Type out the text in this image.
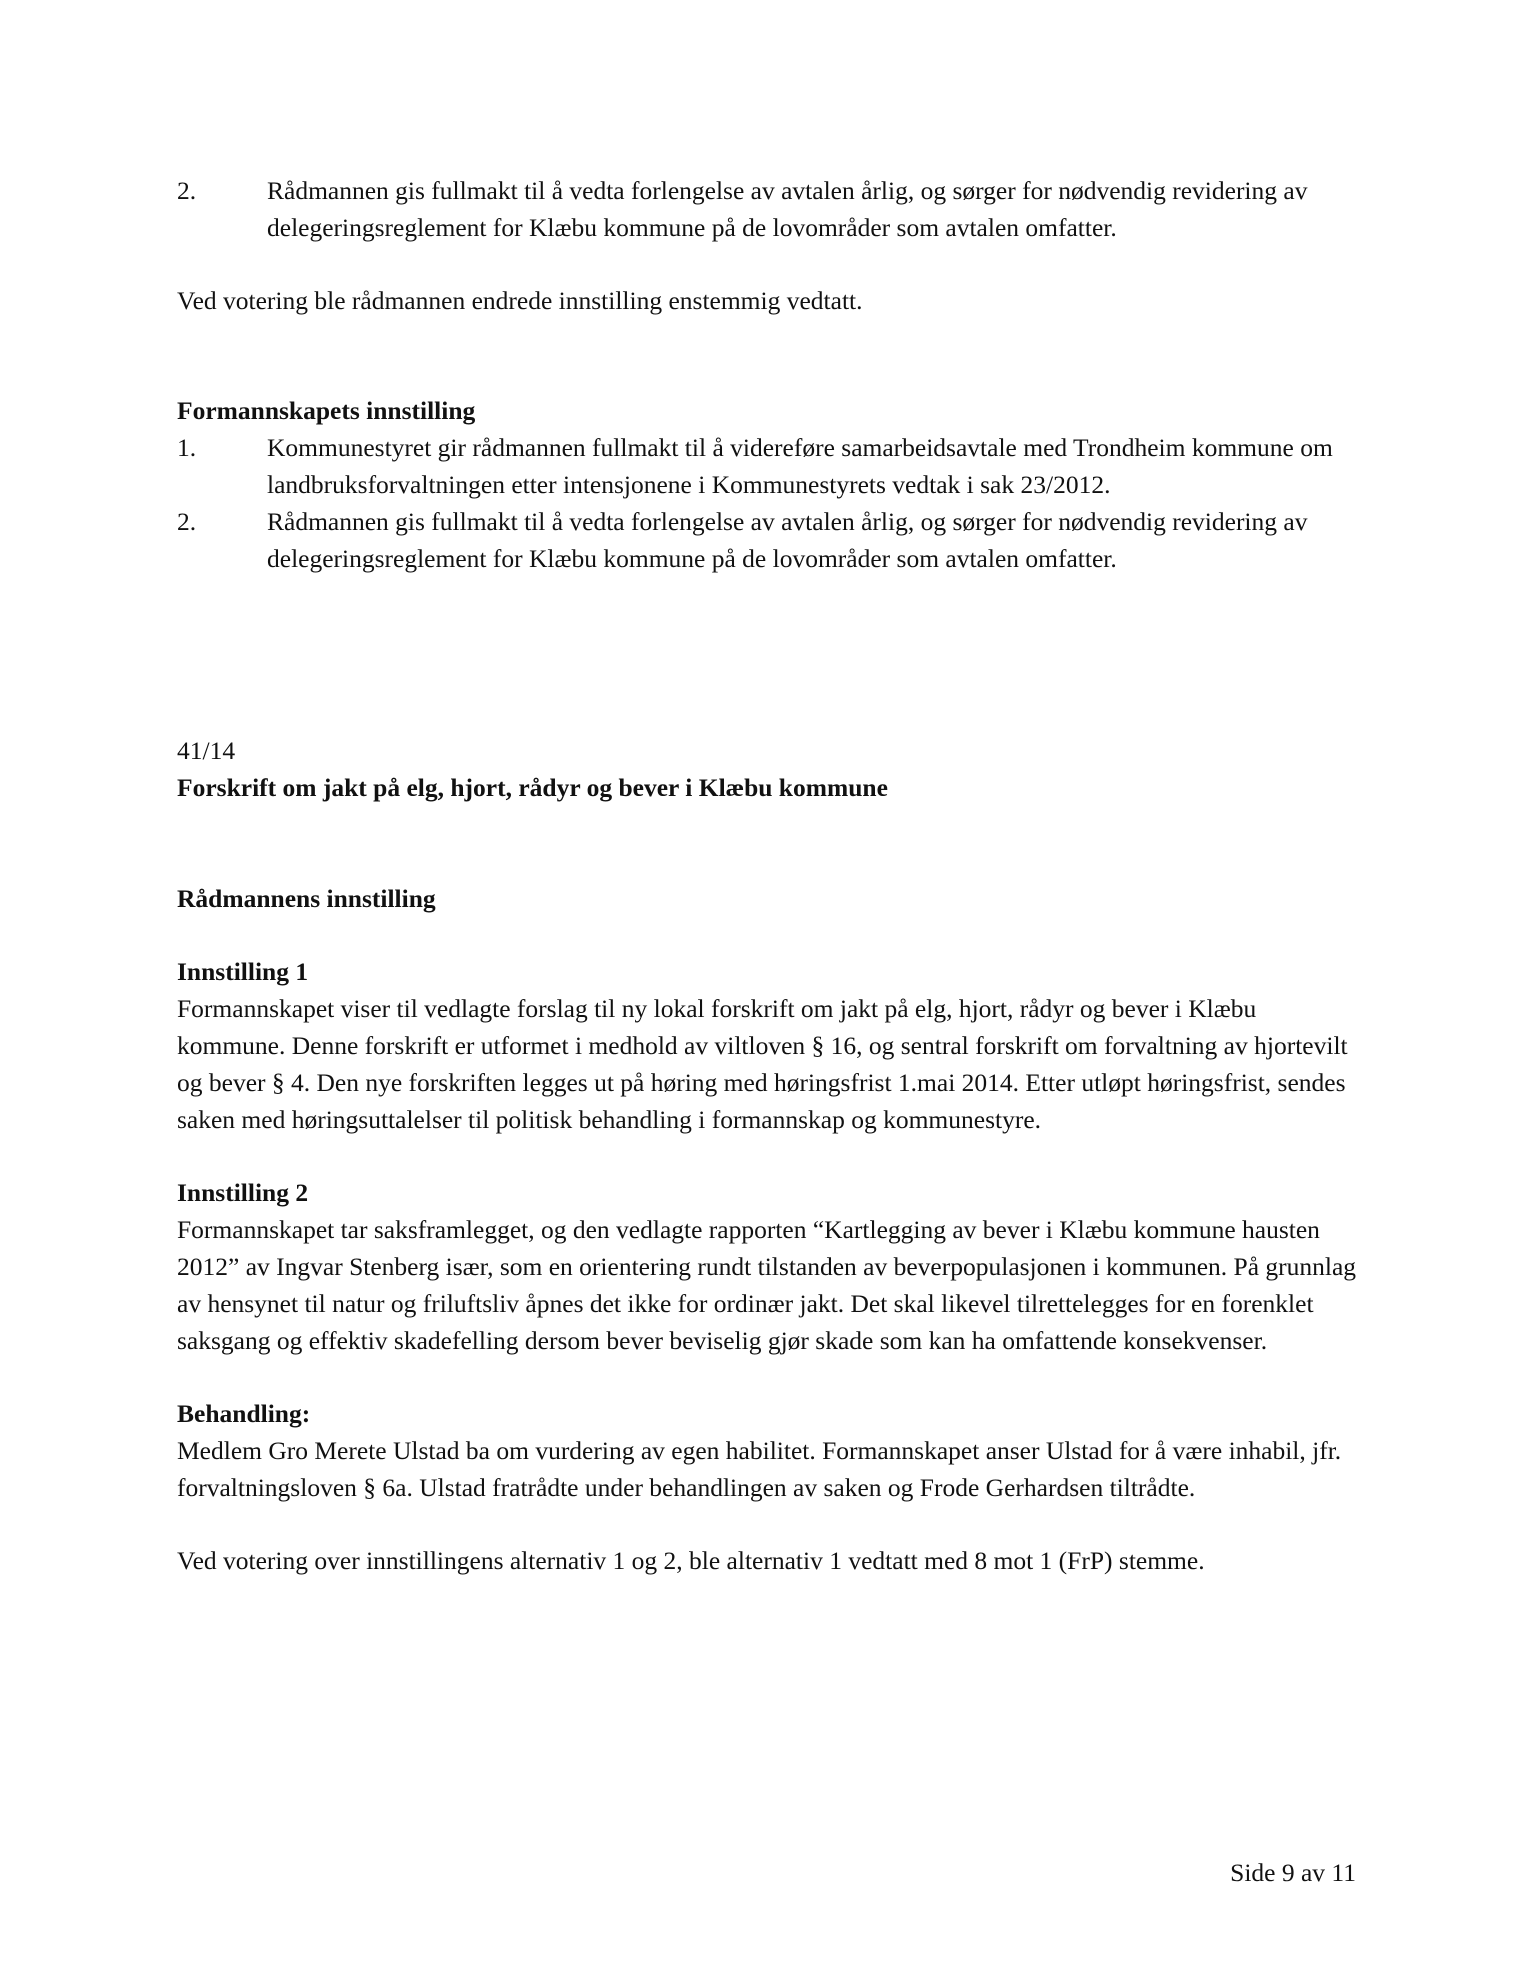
2.	Rådmannen gis fullmakt til å vedta forlengelse av avtalen årlig, og sørger for nødvendig revidering av delegeringsreglement for Klæbu kommune på de lovområder som avtalen omfatter.

Ved votering ble rådmannen endrede innstilling enstemmig vedtatt.

Formannskapets innstilling

1.	Kommunestyret gir rådmannen fullmakt til å videreføre samarbeidsavtale med Trondheim kommune om landbruksforvaltningen etter intensjonene i Kommunestyrets vedtak i sak 23/2012.

2.	Rådmannen gis fullmakt til å vedta forlengelse av avtalen årlig, og sørger for nødvendig revidering av delegeringsreglement for Klæbu kommune på de lovområder som avtalen omfatter.

41/14

Forskrift om jakt på elg, hjort, rådyr og bever i Klæbu kommune

Rådmannens innstilling

Innstilling 1

Formannskapet viser til vedlagte forslag til ny lokal forskrift om jakt på elg, hjort, rådyr og bever i Klæbu kommune. Denne forskrift er utformet i medhold av viltloven § 16, og sentral forskrift om forvaltning av hjortevilt og bever § 4. Den nye forskriften legges ut på høring med høringsfrist 1.mai 2014. Etter utløpt høringsfrist, sendes saken med høringsuttalelser til politisk behandling i formannskap og kommunestyre.

Innstilling 2

Formannskapet tar saksframlegget, og den vedlagte rapporten “Kartlegging av bever i Klæbu kommune hausten 2012” av Ingvar Stenberg især, som en orientering rundt tilstanden av beverpopulasjonen i kommunen. På grunnlag av hensynet til natur og friluftsliv åpnes det ikke for ordinær jakt. Det skal likevel tilrettelegges for en forenklet saksgang og effektiv skadefelling dersom bever beviselig gjør skade som kan ha omfattende konsekvenser.

Behandling:

Medlem Gro Merete Ulstad ba om vurdering av egen habilitet. Formannskapet anser Ulstad for å være inhabil, jfr. forvaltningsloven § 6a. Ulstad fratrådte under behandlingen av saken og Frode Gerhardsen tiltrådte.

Ved votering over innstillingens alternativ 1 og 2, ble alternativ 1 vedtatt med 8 mot 1 (FrP) stemme.

Side 9 av 11
